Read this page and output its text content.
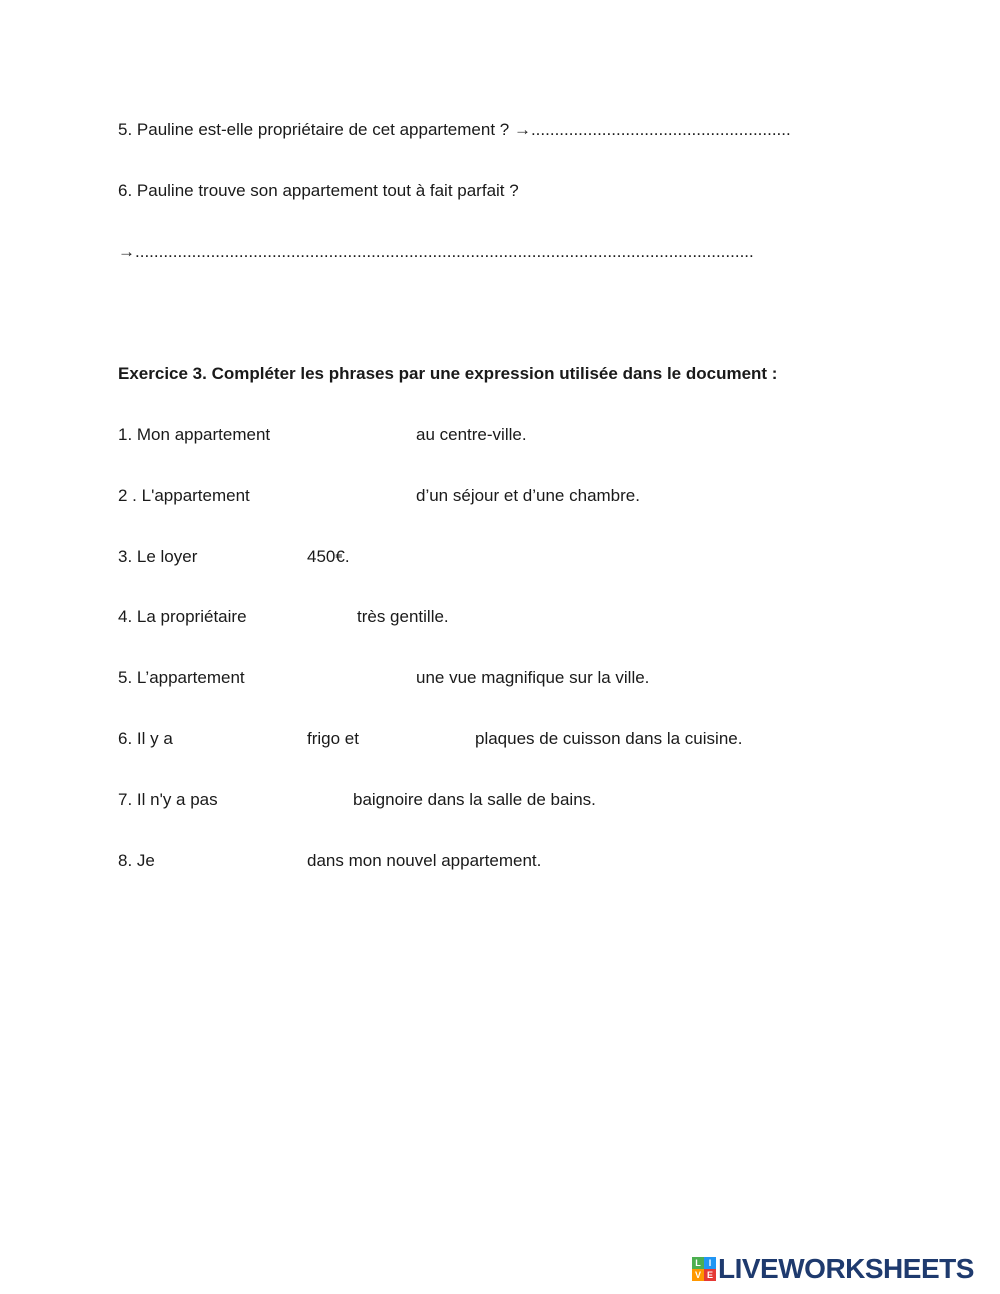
5. Pauline est-elle propriétaire de cet appartement ? →.......................................................

6. Pauline trouve son appartement tout à fait parfait ?

→...................................................................................................................................

Exercice 3. Compléter les phrases par une expression utilisée dans le document :

1. Mon appartement	au centre-ville.

2 . L'appartement	d’un séjour et d’une chambre.

3. Le loyer	450€.

4. La propriétaire	très gentille.

5. L’appartement	une vue magnifique sur la ville.

6. Il y a	frigo et	plaques de cuisson dans la cuisine.

7. Il n'y a pas	baignoire dans la salle de bains.

8. Je	dans mon nouvel appartement.

L I
V E LIVEWORKSHEETS
